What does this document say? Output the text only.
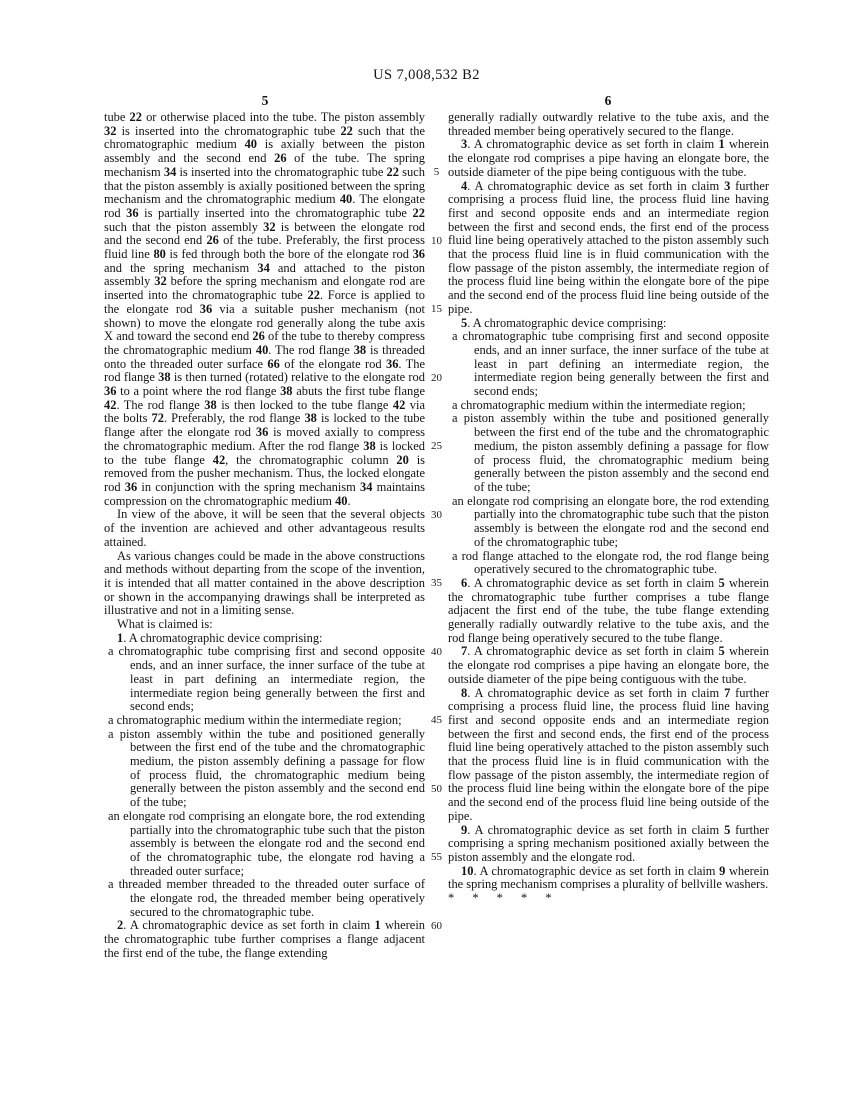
US 7,008,532 B2
5	6

tube 22 or otherwise placed into the tube. The piston assembly 32 is inserted into the chromatographic tube 22 such that the chromatographic medium 40 is axially between the piston assembly and the second end 26 of the tube. The spring mechanism 34 is inserted into the chromatographic tube 22 such that the piston assembly is axially positioned between the spring mechanism and the chromatographic medium 40. The elongate rod 36 is partially inserted into the chromatographic tube 22 such that the piston assembly 32 is between the elongate rod and the second end 26 of the tube. Preferably, the first process fluid line 80 is fed through both the bore of the elongate rod 36 and the spring mechanism 34 and attached to the piston assembly 32 before the spring mechanism and elongate rod are inserted into the chromatographic tube 22. Force is applied to the elongate rod 36 via a suitable pusher mechanism (not shown) to move the elongate rod generally along the tube axis X and toward the second end 26 of the tube to thereby compress the chromatographic medium 40. The rod flange 38 is threaded onto the threaded outer surface 66 of the elongate rod 36. The rod flange 38 is then turned (rotated) relative to the elongate rod 36 to a point where the rod flange 38 abuts the first tube flange 42. The rod flange 38 is then locked to the tube flange 42 via the bolts 72. Preferably, the rod flange 38 is locked to the tube flange after the elongate rod 36 is moved axially to compress the chromatographic medium. After the rod flange 38 is locked to the tube flange 42, the chromatographic column 20 is removed from the pusher mechanism. Thus, the locked elongate rod 36 in conjunction with the spring mechanism 34 maintains compression on the chromatographic medium 40.

In view of the above, it will be seen that the several objects of the invention are achieved and other advantageous results attained.

As various changes could be made in the above constructions and methods without departing from the scope of the invention, it is intended that all matter contained in the above description or shown in the accompanying drawings shall be interpreted as illustrative and not in a limiting sense.

What is claimed is:

1. A chromatographic device comprising:

a chromatographic tube comprising first and second opposite ends, and an inner surface, the inner surface of the tube at least in part defining an intermediate region, the intermediate region being generally between the first and second ends;

a chromatographic medium within the intermediate region;

a piston assembly within the tube and positioned generally between the first end of the tube and the chromatographic medium, the piston assembly defining a passage for flow of process fluid, the chromatographic medium being generally between the piston assembly and the second end of the tube;

an elongate rod comprising an elongate bore, the rod extending partially into the chromatographic tube such that the piston assembly is between the elongate rod and the second end of the chromatographic tube, the elongate rod having a threaded outer surface;

a threaded member threaded to the threaded outer surface of the elongate rod, the threaded member being operatively secured to the chromatographic tube.

2. A chromatographic device as set forth in claim 1 wherein the chromatographic tube further comprises a flange adjacent the first end of the tube, the flange extending

generally radially outwardly relative to the tube axis, and the threaded member being operatively secured to the flange.

3. A chromatographic device as set forth in claim 1 wherein the elongate rod comprises a pipe having an elongate bore, the outside diameter of the pipe being contiguous with the tube.

4. A chromatographic device as set forth in claim 3 further comprising a process fluid line, the process fluid line having first and second opposite ends and an intermediate region between the first and second ends, the first end of the process fluid line being operatively attached to the piston assembly such that the process fluid line is in fluid communication with the flow passage of the piston assembly, the intermediate region of the process fluid line being within the elongate bore of the pipe and the second end of the process fluid line being outside of the pipe.

5. A chromatographic device comprising:

a chromatographic tube comprising first and second opposite ends, and an inner surface, the inner surface of the tube at least in part defining an intermediate region, the intermediate region being generally between the first and second ends;

a chromatographic medium within the intermediate region;

a piston assembly within the tube and positioned generally between the first end of the tube and the chromatographic medium, the piston assembly defining a passage for flow of process fluid, the chromatographic medium being generally between the piston assembly and the second end of the tube;

an elongate rod comprising an elongate bore, the rod extending partially into the chromatographic tube such that the piston assembly is between the elongate rod and the second end of the chromatographic tube;

a rod flange attached to the elongate rod, the rod flange being operatively secured to the chromatographic tube.

6. A chromatographic device as set forth in claim 5 wherein the chromatographic tube further comprises a tube flange adjacent the first end of the tube, the tube flange extending generally radially outwardly relative to the tube axis, and the rod flange being operatively secured to the tube flange.

7. A chromatographic device as set forth in claim 5 wherein the elongate rod comprises a pipe having an elongate bore, the outside diameter of the pipe being contiguous with the tube.

8. A chromatographic device as set forth in claim 7 further comprising a process fluid line, the process fluid line having first and second opposite ends and an intermediate region between the first and second ends, the first end of the process fluid line being operatively attached to the piston assembly such that the process fluid line is in fluid communication with the flow passage of the piston assembly, the intermediate region of the process fluid line being within the elongate bore of the pipe and the second end of the process fluid line being outside of the pipe.

9. A chromatographic device as set forth in claim 5 further comprising a spring mechanism positioned axially between the piston assembly and the elongate rod.

10. A chromatographic device as set forth in claim 9 wherein the spring mechanism comprises a plurality of bellville washers.

* * * * *

5
10
15
20
25
30
35
40
45
50
55
60
